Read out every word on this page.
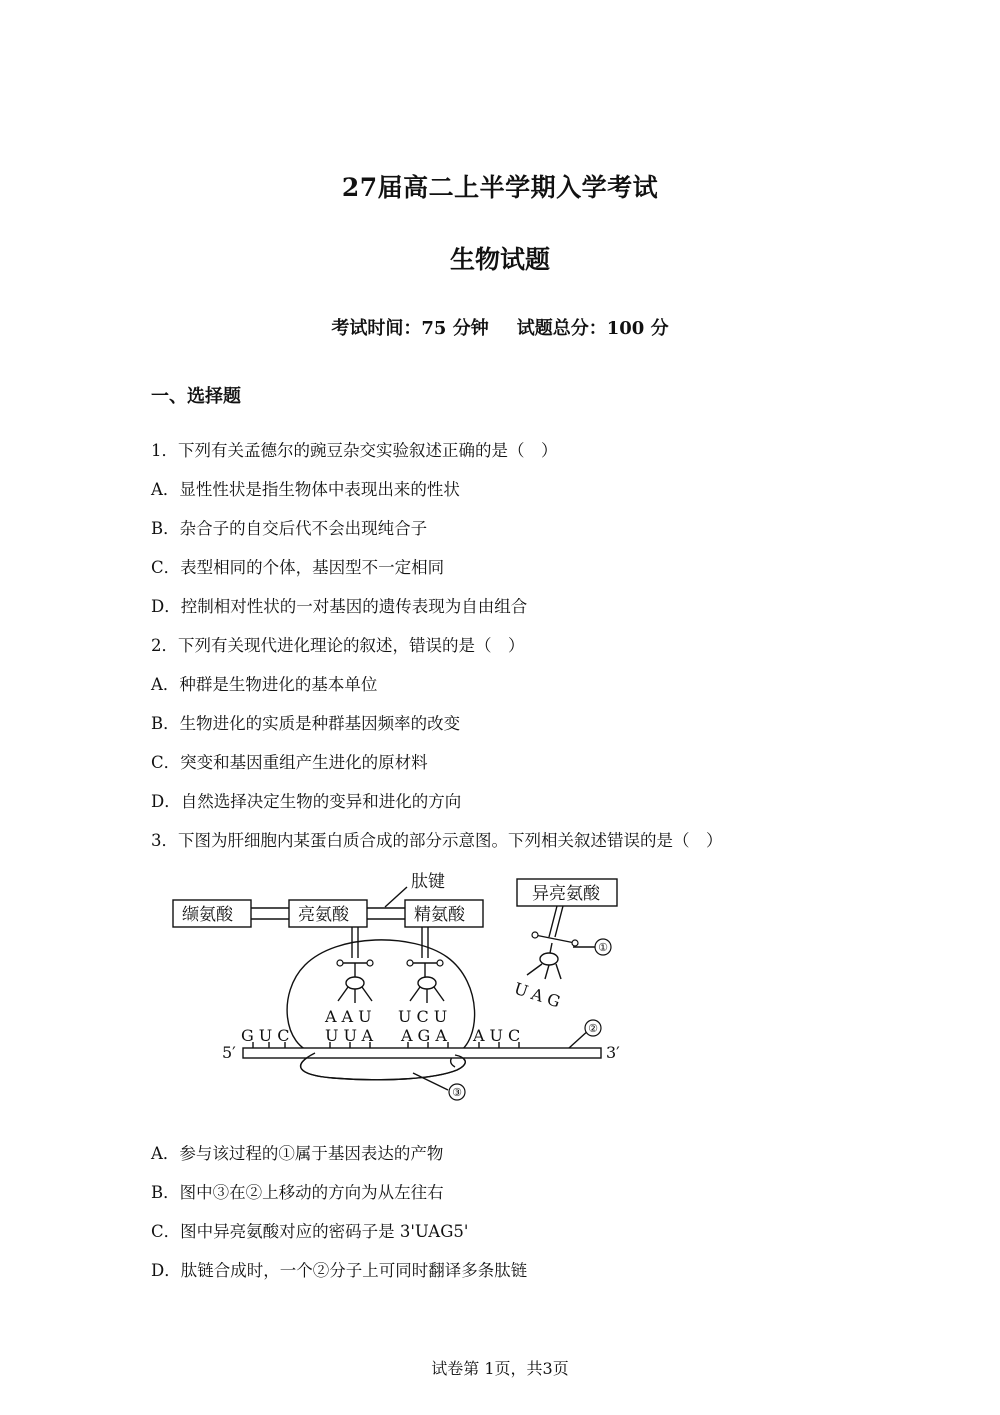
27届高二上半学期入学考试
生物试题
考试时间：75 分钟 试题总分：100 分
一、选择题
1．下列有关孟德尔的豌豆杂交实验叙述正确的是（　）
A．显性性状是指生物体中表现出来的性状
B．杂合子的自交后代不会出现纯合子
C．表型相同的个体，基因型不一定相同
D．控制相对性状的一对基因的遗传表现为自由组合
2．下列有关现代进化理论的叙述，错误的是（　）
A．种群是生物进化的基本单位
B．生物进化的实质是种群基因频率的改变
C．突变和基因重组产生进化的原材料
D．自然选择决定生物的变异和进化的方向
3．下图为肝细胞内某蛋白质合成的部分示意图。下列相关叙述错误的是（　）
缬氨酸	亮氨酸	精氨酸
异亮氨酸
肽键
AAU UCU
UAG
GUC UUA AGA AUC
5′	3′
①
②
③
A．参与该过程的①属于基因表达的产物
B．图中③在②上移动的方向为从左往右
C．图中异亮氨酸对应的密码子是 3'UAG5'
D．肽链合成时，一个②分子上可同时翻译多条肽链
试卷第 1页，共3页
